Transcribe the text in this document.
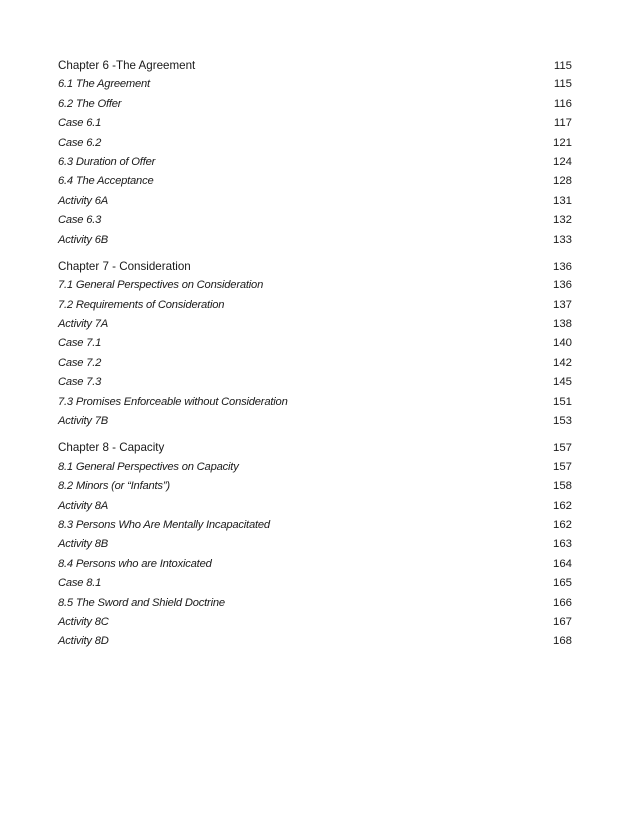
Chapter 6 -The Agreement	115
6.1 The Agreement	115
6.2 The Offer	116
Case 6.1	117
Case 6.2	121
6.3 Duration of Offer	124
6.4 The Acceptance	128
Activity 6A	131
Case 6.3	132
Activity 6B	133
Chapter 7 - Consideration	136
7.1 General Perspectives on Consideration	136
7.2 Requirements of Consideration	137
Activity 7A	138
Case 7.1	140
Case 7.2	142
Case 7.3	145
7.3 Promises Enforceable without Consideration	151
Activity 7B	153
Chapter 8 - Capacity	157
8.1 General Perspectives on Capacity	157
8.2 Minors (or “Infants”)	158
Activity 8A	162
8.3 Persons Who Are Mentally Incapacitated	162
Activity 8B	163
8.4 Persons who are Intoxicated	164
Case 8.1	165
8.5 The Sword and Shield Doctrine	166
Activity 8C	167
Activity 8D	168
